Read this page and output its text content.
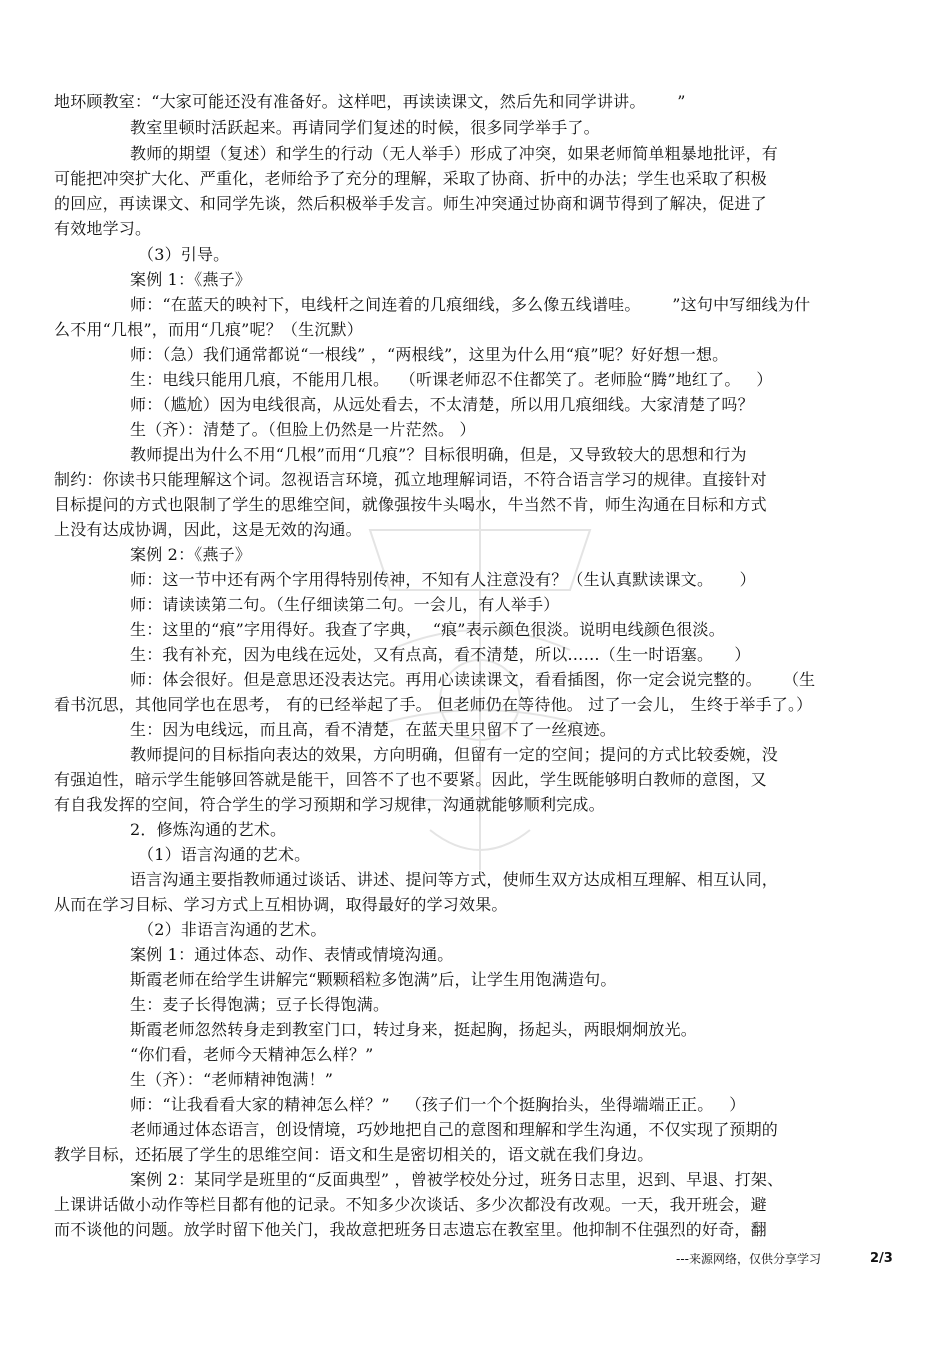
地环顾教室：“大家可能还没有准备好。这样吧，再读读课文，然后先和同学讲讲。      ”
教室里顿时活跃起来。再请同学们复述的时候，很多同学举手了。
教师的期望（复述）和学生的行动（无人举手）形成了冲突，如果老师简单粗暴地批评，有
可能把冲突扩大化、严重化，老师给予了充分的理解，采取了协商、折中的办法；学生也采取了积极
的回应，再读课文、和同学先谈，然后积极举手发言。师生冲突通过协商和调节得到了解决，促进了
有效地学习。
（3）引导。
案例 1：《燕子》
师：“在蓝天的映衬下，电线杆之间连着的几痕细线，多么像五线谱哇。      ”这句中写细线为什
么不用“几根”，而用“几痕”呢？（生沉默）
师：（急）我们通常都说“一根线” ，“两根线”，这里为什么用“痕”呢？好好想一想。
生：电线只能用几痕，不能用几根。  （听课老师忍不住都笑了。老师脸“腾”地红了。   ）
师：（尴尬）因为电线很高，从远处看去，不太清楚，所以用几痕细线。大家清楚了吗？
生（齐）：清楚了。（但脸上仍然是一片茫然。 ）
教师提出为什么不用“几根”而用“几痕”？目标很明确，但是，又导致较大的思想和行为
制约：你读书只能理解这个词。忽视语言环境，孤立地理解词语，不符合语言学习的规律。直接针对
目标提问的方式也限制了学生的思维空间，就像强按牛头喝水，牛当然不肯，师生沟通在目标和方式
上没有达成协调，因此，这是无效的沟通。
案例 2：《燕子》
师：这一节中还有两个字用得特别传神，不知有人注意没有？（生认真默读课文。     ）
师：请读读第二句。（生仔细读第二句。一会儿，有人举手）
生：这里的“痕”字用得好。我查了字典，  “痕”表示颜色很淡。说明电线颜色很淡。
生：我有补充，因为电线在远处，又有点高，看不清楚，所以……（生一时语塞。    ）
师：体会很好。但是意思还没表达完。再用心读读课文，看看插图，你一定会说完整的。    （生
看书沉思，其他同学也在思考， 有的已经举起了手。 但老师仍在等待他。 过了一会儿， 生终于举手了。）
生：因为电线远，而且高，看不清楚，在蓝天里只留下了一丝痕迹。
教师提问的目标指向表达的效果，方向明确，但留有一定的空间；提问的方式比较委婉，没
有强迫性，暗示学生能够回答就是能干，回答不了也不要紧。因此，学生既能够明白教师的意图，又
有自我发挥的空间，符合学生的学习预期和学习规律，沟通就能够顺利完成。
2．修炼沟通的艺术。
（1）语言沟通的艺术。
语言沟通主要指教师通过谈话、讲述、提问等方式，使师生双方达成相互理解、相互认同，
从而在学习目标、学习方式上互相协调，取得最好的学习效果。
（2）非语言沟通的艺术。
案例 1：通过体态、动作、表情或情境沟通。
斯霞老师在给学生讲解完“颗颗稻粒多饱满”后，让学生用饱满造句。
生：麦子长得饱满；豆子长得饱满。
斯霞老师忽然转身走到教室门口，转过身来，挺起胸，扬起头，两眼炯炯放光。
“你们看，老师今天精神怎么样？”
生（齐）：“老师精神饱满！”
师：“让我看看大家的精神怎么样？”   （孩子们一个个挺胸抬头，坐得端端正正。   ）
老师通过体态语言，创设情境，巧妙地把自己的意图和理解和学生沟通，不仅实现了预期的
教学目标，还拓展了学生的思维空间：语文和生是密切相关的，语文就在我们身边。
案例 2：某同学是班里的“反面典型” ，曾被学校处分过，班务日志里，迟到、早退、打架、
上课讲话做小动作等栏目都有他的记录。不知多少次谈话、多少次都没有改观。一天，我开班会，避
而不谈他的问题。放学时留下他关门，我故意把班务日志遗忘在教室里。他抑制不住强烈的好奇，翻
---来源网络，仅供分享学习	2/3
